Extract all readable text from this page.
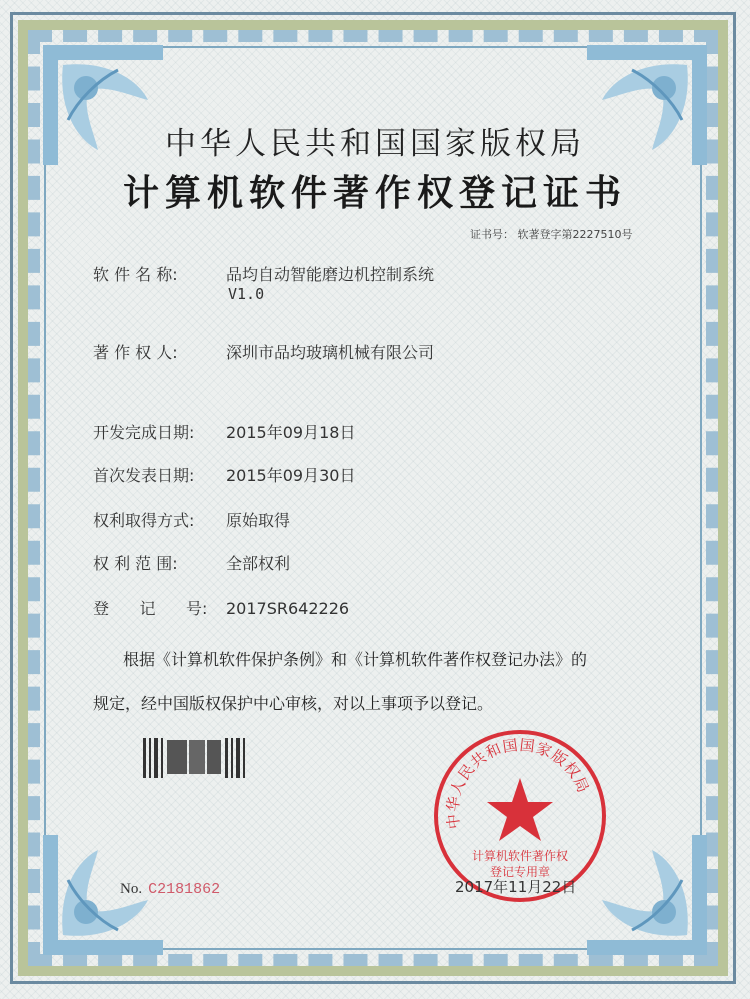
中华人民共和国国家版权局
计算机软件著作权登记证书
证书号： 软著登字第2227510号
软 件 名 称:	品均自动智能磨边机控制系统
V1.0
著 作 权 人:	深圳市品均玻璃机械有限公司
开发完成日期: 2015年09月18日
首次发表日期: 2015年09月30日
权利取得方式: 原始取得
权 利 范 围:	全部权利
登      记      号: 2017SR642226
根据《计算机软件保护条例》和《计算机软件著作权登记办法》的
规定，经中国版权保护中心审核，对以上事项予以登记。
中华人民共和国国家版权局
计算机软件著作权
登记专用章
No. C2181862	2017年11月22日
